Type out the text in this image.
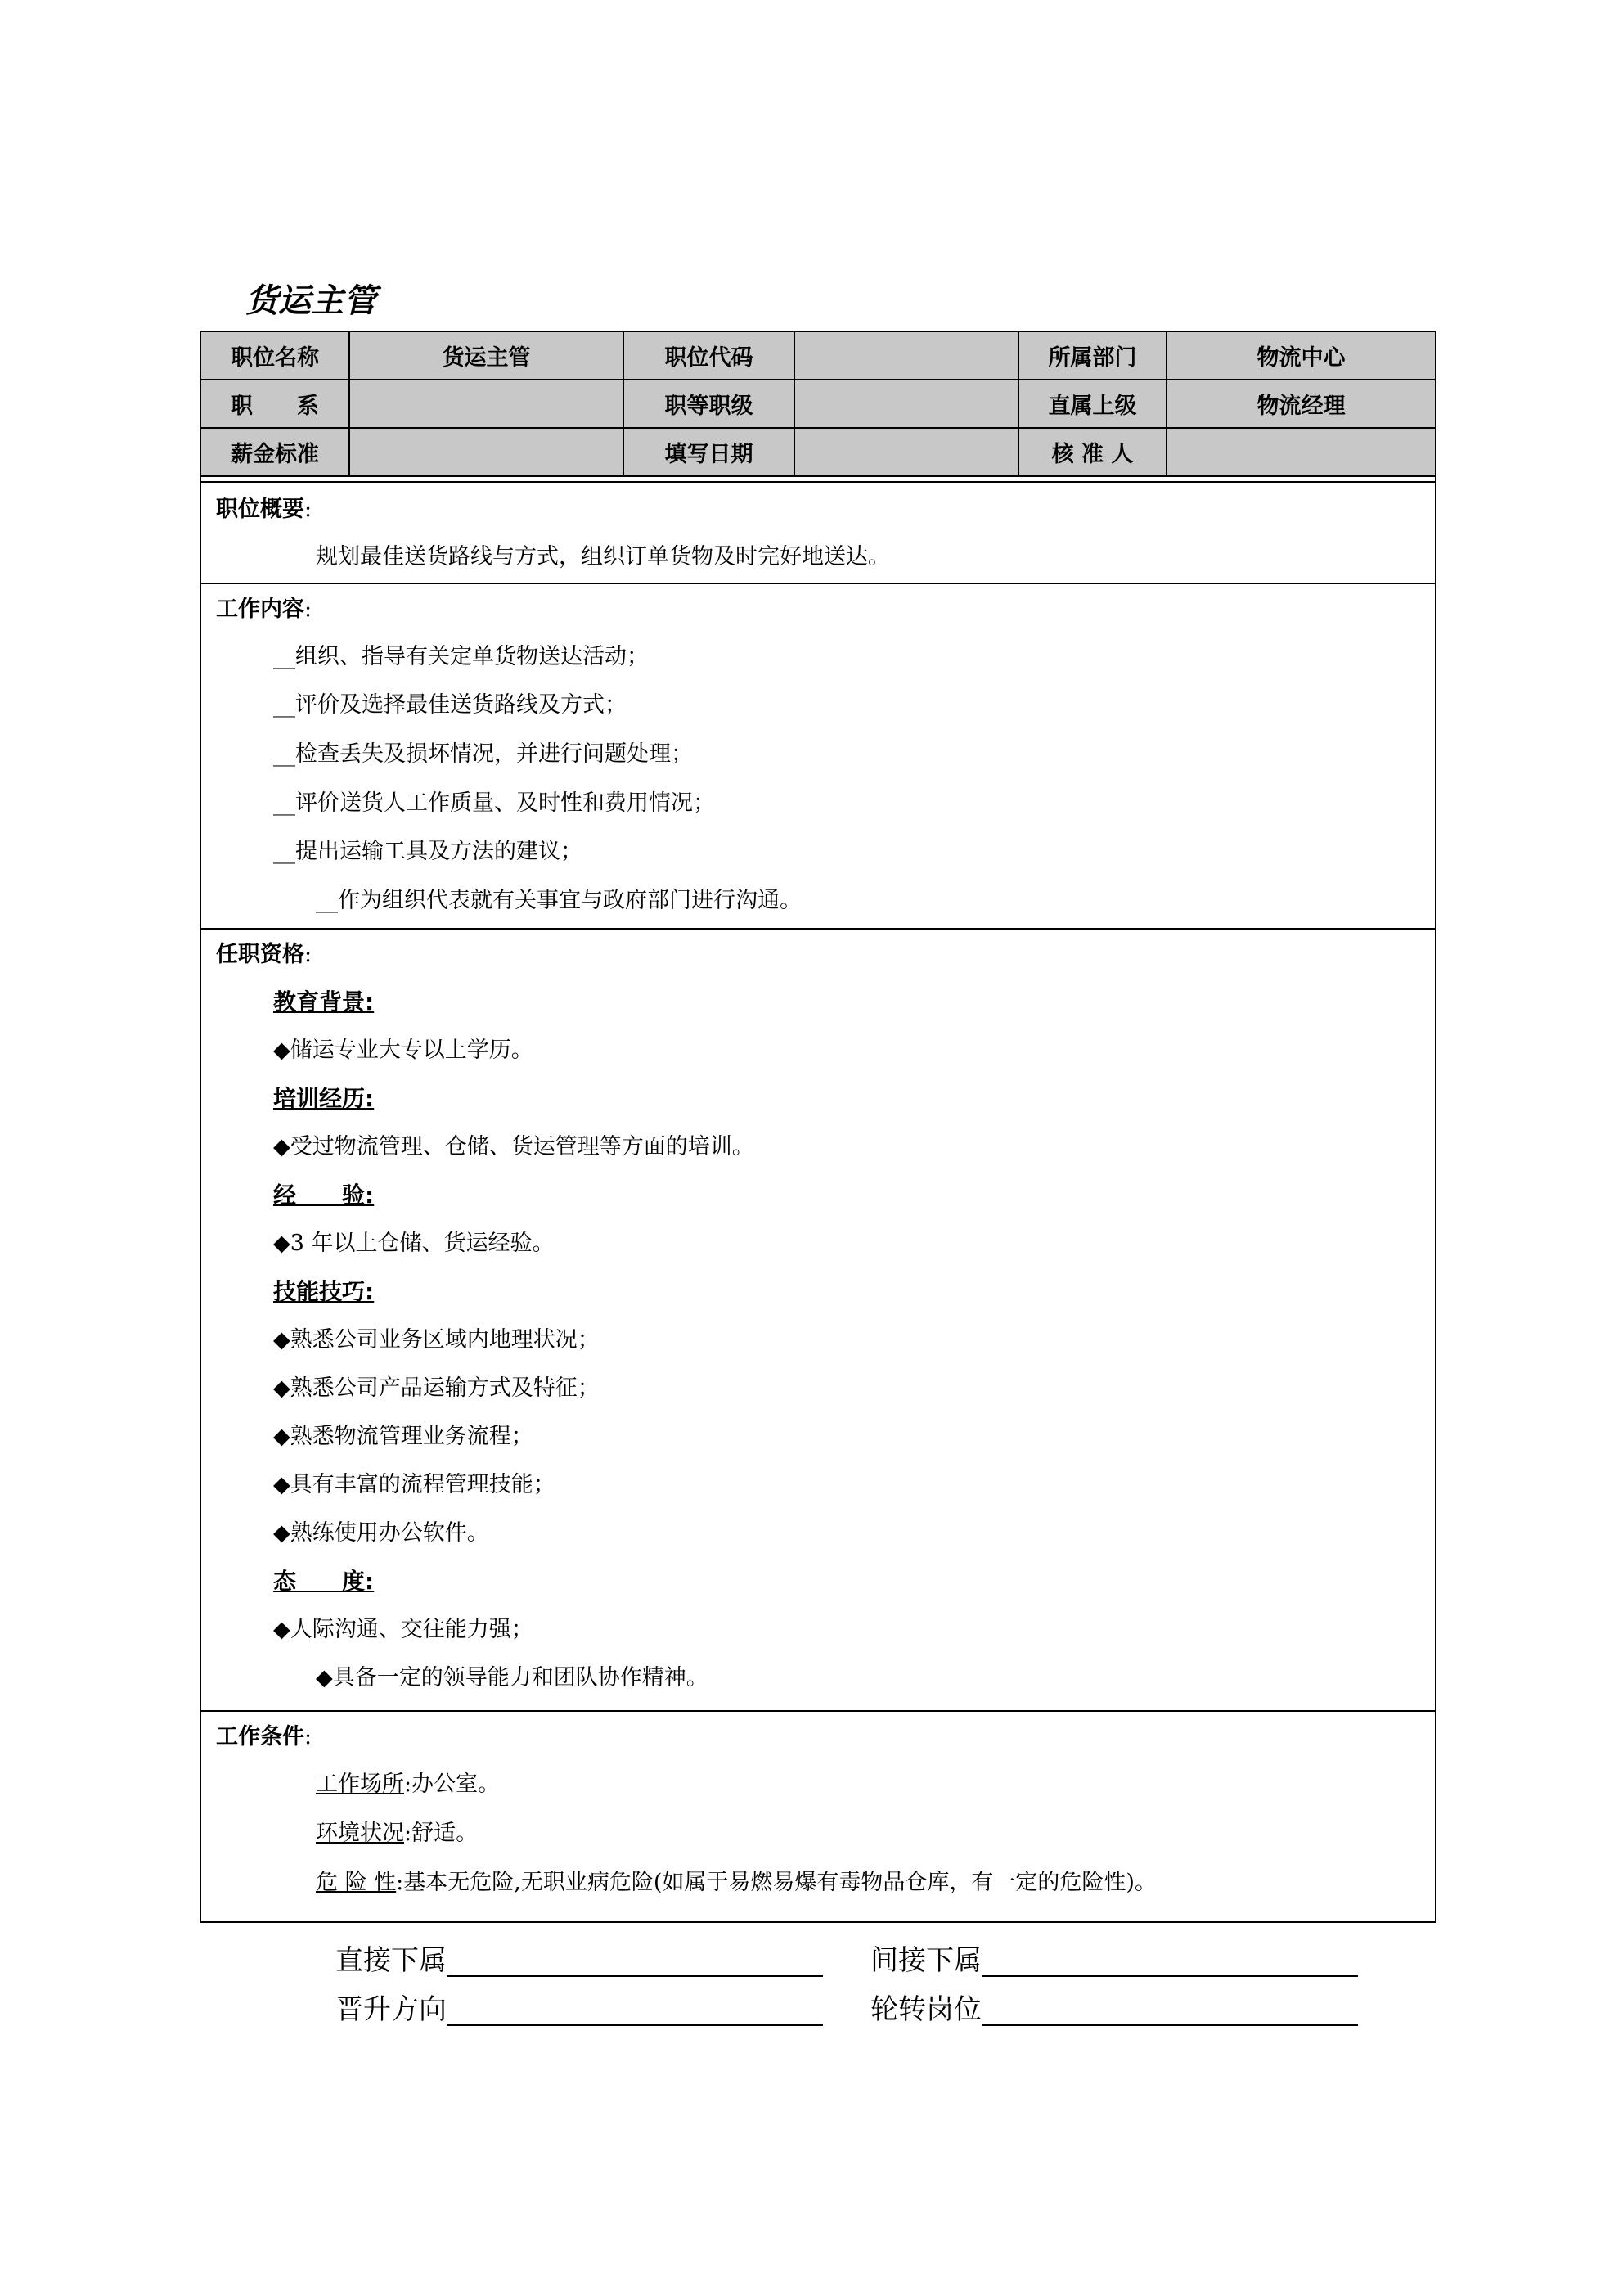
货运主管
职位名称	货运主管	职位代码		所属部门	物流中心
职　　系		职等职级		直属上级	物流经理
薪金标准		填写日期		核 准 人	
职位概要:
规划最佳送货路线与方式，组织订单货物及时完好地送达。
工作内容:
__组织、指导有关定单货物送达活动；
__评价及选择最佳送货路线及方式；
__检查丢失及损坏情况，并进行问题处理；
__评价送货人工作质量、及时性和费用情况；
__提出运输工具及方法的建议；
__作为组织代表就有关事宜与政府部门进行沟通。
任职资格:
教育背景:
◆储运专业大专以上学历。
培训经历:
◆受过物流管理、仓储、货运管理等方面的培训。
经　　验:
◆3 年以上仓储、货运经验。
技能技巧:
◆熟悉公司业务区域内地理状况；
◆熟悉公司产品运输方式及特征；
◆熟悉物流管理业务流程；
◆具有丰富的流程管理技能；
◆熟练使用办公软件。
态　　度:
◆人际沟通、交往能力强；
◆具备一定的领导能力和团队协作精神。
工作条件:
工作场所:办公室。
环境状况:舒适。
危 险 性:基本无危险,无职业病危险(如属于易燃易爆有毒物品仓库，有一定的危险性)。
直接下属	间接下属
晋升方向	轮转岗位
